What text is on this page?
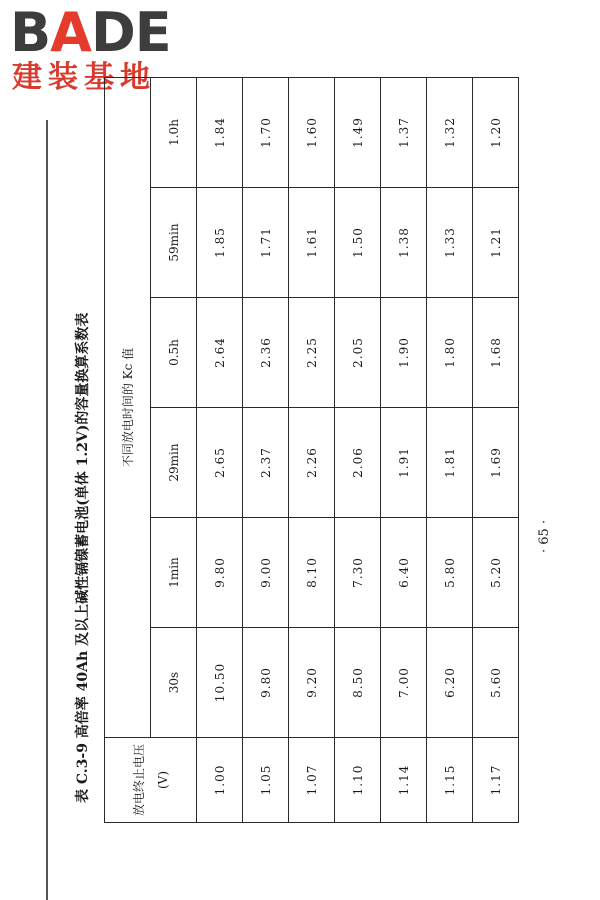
BADE
建装基地
表 C.3-9 高倍率 40Ah 及以上碱性镉镍蓄电池(单体 1.2V)的容量换算系数表	放电终止电压 (V)	不同放电时间的 Kc 值					
	30s	1min	29min	0.5h	59min	1.0h
1.00	10.50	9.80	2.65	2.64	1.85	1.84
1.05	9.80	9.00	2.37	2.36	1.71	1.70
1.07	9.20	8.10	2.26	2.25	1.61	1.60
1.10	8.50	7.30	2.06	2.05	1.50	1.49
1.14	7.00	6.40	1.91	1.90	1.38	1.37
1.15	6.20	5.80	1.81	1.80	1.33	1.32
1.17	5.60	5.20	1.69	1.68	1.21	1.20
· 65 ·
